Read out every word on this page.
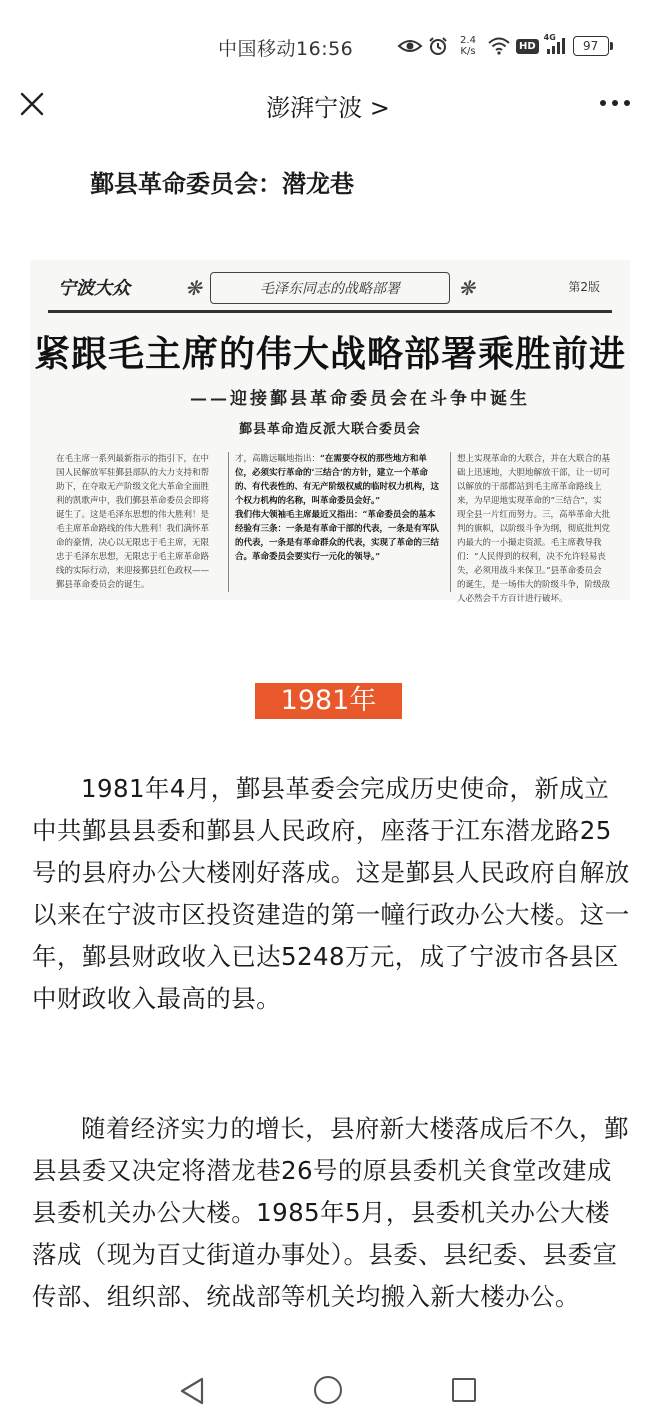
中国移动16:56	2.4
K/s	HD
4G
97
澎湃宁波 >
鄞县革命委员会：潜龙巷
宁波大众
❋	毛泽东同志的战略部署 ❋	第2版
紧跟毛主席的伟大战略部署乘胜前进
——迎接鄞县革命委员会在斗争中诞生
鄞县革命造反派大联合委员会
在毛主席一系列最新指示的指引下，在中国人民解放军驻鄞县部队的大力支持和帮助下，在夺取无产阶级文化大革命全面胜利的凯歌声中，我们鄞县革命委员会即将诞生了。这是毛泽东思想的伟大胜利！是毛主席革命路线的伟大胜利！我们满怀革命的豪情，决心以无限忠于毛主席，无限忠于毛泽东思想，无限忠于毛主席革命路线的实际行动，来迎接鄞县红色政权——鄞县革命委员会的诞生。
才，高瞻远瞩地指出：“在需要夺权的那些地方和单位，必须实行革命的‘三结合’的方针，建立一个革命的、有代表性的、有无产阶级权威的临时权力机构，这个权力机构的名称，叫革命委员会好。”
我们伟大领袖毛主席最近又指出：“革命委员会的基本经验有三条：一条是有革命干部的代表，一条是有军队的代表，一条是有革命群众的代表，实现了革命的三结合。革命委员会要实行一元化的领导。”
想上实现革命的大联合，并在大联合的基础上迅速地，大胆地解放干部，让一切可以解放的干部都站到毛主席革命路线上来，为早迎地实现革命的“三结合”，实现全县一片红而努力。三，高举革命大批判的旗帜，以阶级斗争为纲，彻底批判党内最大的一小撮走资派。毛主席教导我们：“人民得到的权利，决不允许轻易丧失，必须用战斗来保卫。”县革命委员会的诞生，是一场伟大的阶级斗争，阶级敌人必然会千方百计进行破坏。
1981年

1981年4月，鄞县革委会完成历史使命，新成立中共鄞县县委和鄞县人民政府，座落于江东潜龙路25号的县府办公大楼刚好落成。这是鄞县人民政府自解放以来在宁波市区投资建造的第一幢行政办公大楼。这一年，鄞县财政收入已达5248万元，成了宁波市各县区中财政收入最高的县。

随着经济实力的增长，县府新大楼落成后不久，鄞县县委又决定将潜龙巷26号的原县委机关食堂改建成县委机关办公大楼。1985年5月，县委机关办公大楼落成（现为百丈街道办事处）。县委、县纪委、县委宣传部、组织部、统战部等机关均搬入新大楼办公。
